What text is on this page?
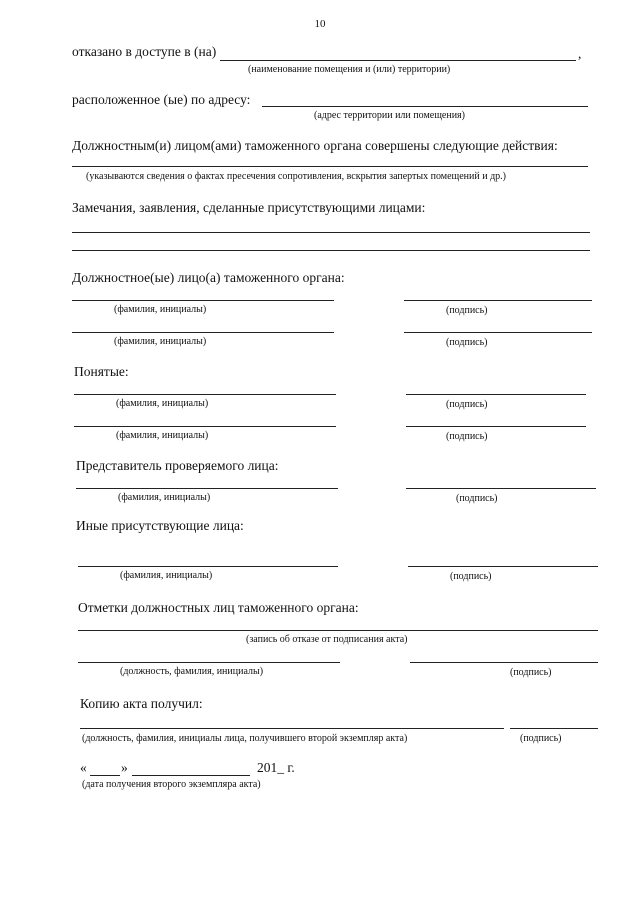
10
отказано в доступе в (на)	,
(наименование помещения и (или) территории)
расположенное (ые) по адресу:
(адрес территории или помещения)
Должностным(и) лицом(ами) таможенного органа совершены следующие действия:
(указываются сведения о фактах пресечения сопротивления, вскрытия запертых помещений и др.)
Замечания, заявления, сделанные присутствующими лицами:
Должностное(ые) лицо(а) таможенного органа:
(фамилия, инициалы)	(подпись)
(фамилия, инициалы)	(подпись)
Понятые:
(фамилия, инициалы)	(подпись)
(фамилия, инициалы)	(подпись)
Представитель проверяемого лица:
(фамилия, инициалы)	(подпись)
Иные присутствующие лица:
(фамилия, инициалы)	(подпись)
Отметки должностных лиц таможенного органа:
(запись об отказе от подписания акта)
(должность, фамилия, инициалы)	(подпись)
Копию акта получил:
(должность, фамилия, инициалы лица, получившего второй экземпляр акта)	(подпись)
«	»	201_ г.
(дата получения второго экземпляра акта)
